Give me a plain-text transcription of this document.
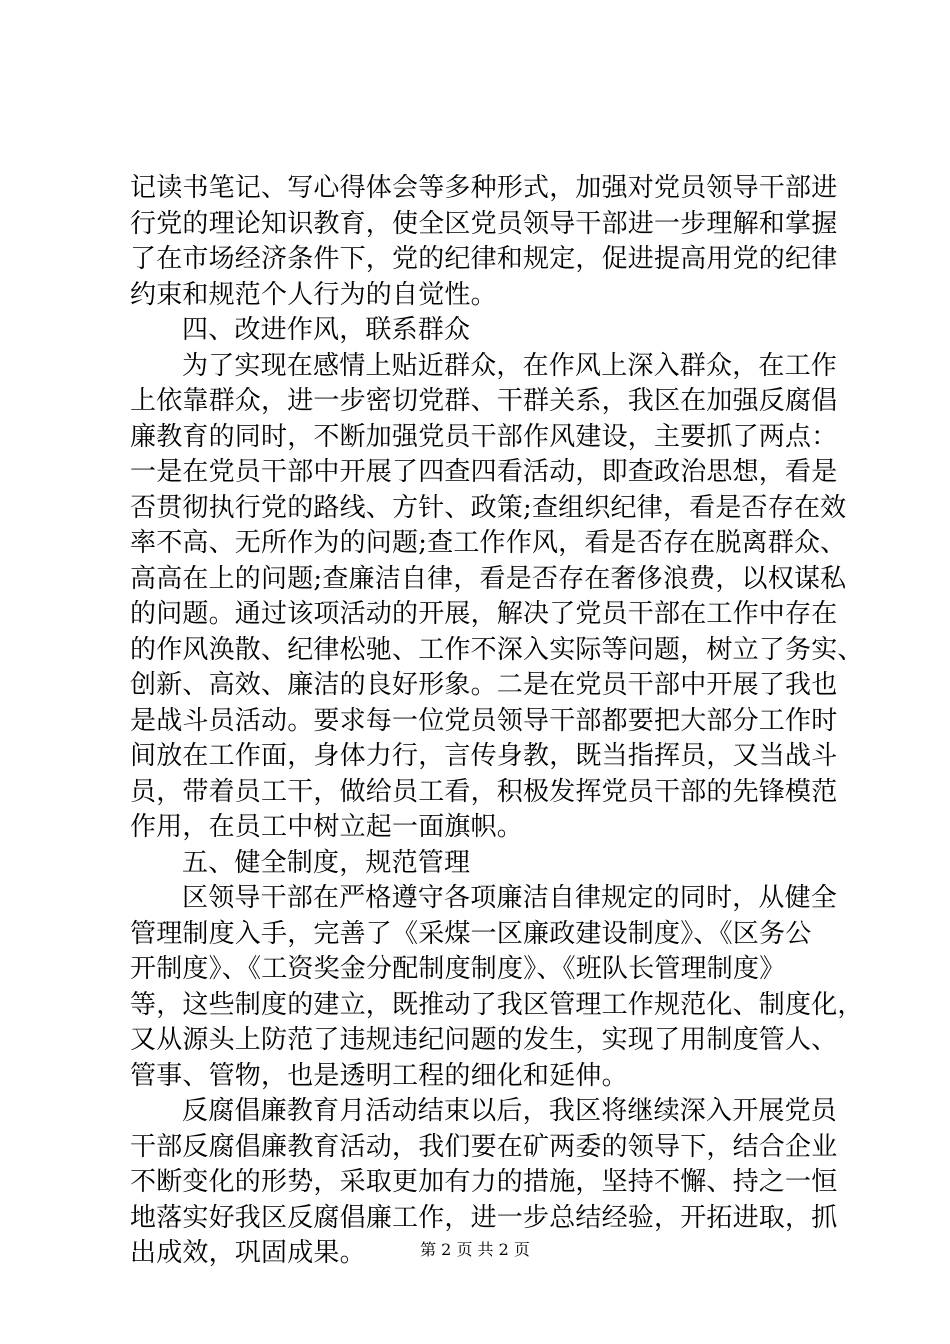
记读书笔记、写心得体会等多种形式，加强对党员领导干部进
行党的理论知识教育，使全区党员领导干部进一步理解和掌握
了在市场经济条件下，党的纪律和规定，促进提高用党的纪律
约束和规范个人行为的自觉性。
四、改进作风，联系群众
为了实现在感情上贴近群众，在作风上深入群众，在工作
上依靠群众，进一步密切党群、干群关系，我区在加强反腐倡
廉教育的同时，不断加强党员干部作风建设，主要抓了两点：
一是在党员干部中开展了四查四看活动，即查政治思想，看是
否贯彻执行党的路线、方针、政策;查组织纪律，看是否存在效
率不高、无所作为的问题;查工作作风，看是否存在脱离群众、
高高在上的问题;查廉洁自律，看是否存在奢侈浪费，以权谋私
的问题。通过该项活动的开展，解决了党员干部在工作中存在
的作风涣散、纪律松驰、工作不深入实际等问题，树立了务实、
创新、高效、廉洁的良好形象。二是在党员干部中开展了我也
是战斗员活动。要求每一位党员领导干部都要把大部分工作时
间放在工作面，身体力行，言传身教，既当指挥员，又当战斗
员，带着员工干，做给员工看，积极发挥党员干部的先锋模范
作用，在员工中树立起一面旗帜。
五、健全制度，规范管理
区领导干部在严格遵守各项廉洁自律规定的同时，从健全
管理制度入手，完善了《采煤一区廉政建设制度》、《区务公
开制度》、《工资奖金分配制度制度》、《班队长管理制度》
等，这些制度的建立，既推动了我区管理工作规范化、制度化，
又从源头上防范了违规违纪问题的发生，实现了用制度管人、
管事、管物，也是透明工程的细化和延伸。
反腐倡廉教育月活动结束以后，我区将继续深入开展党员
干部反腐倡廉教育活动，我们要在矿两委的领导下，结合企业
不断变化的形势，采取更加有力的措施，坚持不懈、持之一恒
地落实好我区反腐倡廉工作，进一步总结经验，开拓进取，抓
出成效，巩固成果。	第 2 页 共 2 页
